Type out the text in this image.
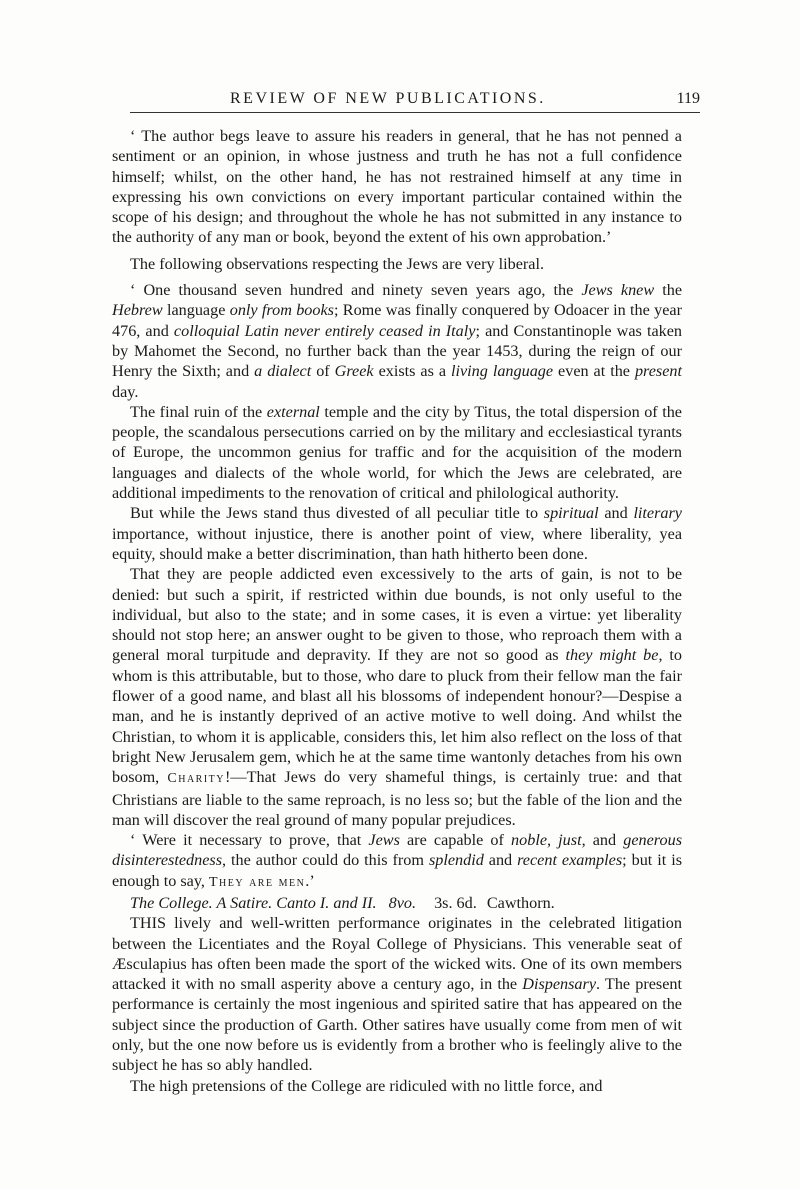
REVIEW OF NEW PUBLICATIONS.	119

‘ The author begs leave to assure his readers in general, that he has not penned a sentiment or an opinion, in whose justness and truth he has not a full confidence himself; whilst, on the other hand, he has not restrained himself at any time in expressing his own convictions on every important particular contained within the scope of his design; and throughout the whole he has not submitted in any instance to the authority of any man or book, beyond the extent of his own approbation.’

The following observations respecting the Jews are very liberal.

‘ One thousand seven hundred and ninety seven years ago, the Jews knew the Hebrew language only from books; Rome was finally conquered by Odoacer in the year 476, and colloquial Latin never entirely ceased in Italy; and Constantinople was taken by Mahomet the Second, no further back than the year 1453, during the reign of our Henry the Sixth; and a dialect of Greek exists as a living language even at the present day.

The final ruin of the external temple and the city by Titus, the total dispersion of the people, the scandalous persecutions carried on by the military and ecclesiastical tyrants of Europe, the uncommon genius for traffic and for the acquisition of the modern languages and dialects of the whole world, for which the Jews are celebrated, are additional impediments to the renovation of critical and philological authority.

But while the Jews stand thus divested of all peculiar title to spiritual and literary importance, without injustice, there is another point of view, where liberality, yea equity, should make a better discrimination, than hath hitherto been done.

That they are people addicted even excessively to the arts of gain, is not to be denied: but such a spirit, if restricted within due bounds, is not only useful to the individual, but also to the state; and in some cases, it is even a virtue: yet liberality should not stop here; an answer ought to be given to those, who reproach them with a general moral turpitude and depravity. If they are not so good as they might be, to whom is this attributable, but to those, who dare to pluck from their fellow man the fair flower of a good name, and blast all his blossoms of independent honour?—Despise a man, and he is instantly deprived of an active motive to well doing. And whilst the Christian, to whom it is applicable, considers this, let him also reflect on the loss of that bright New Jerusalem gem, which he at the same time wantonly detaches from his own bosom, Charity!—That Jews do very shameful things, is certainly true: and that Christians are liable to the same reproach, is no less so; but the fable of the lion and the man will discover the real ground of many popular prejudices.

‘ Were it necessary to prove, that Jews are capable of noble, just, and generous disinterestedness, the author could do this from splendid and recent examples; but it is enough to say, They are men.’

The College. A Satire. Canto I. and II. 8vo. 3s. 6d. Cawthorn.

THIS lively and well-written performance originates in the celebrated litigation between the Licentiates and the Royal College of Physicians. This venerable seat of Æsculapius has often been made the sport of the wicked wits. One of its own members attacked it with no small asperity above a century ago, in the Dispensary. The present performance is certainly the most ingenious and spirited satire that has appeared on the subject since the production of Garth. Other satires have usually come from men of wit only, but the one now before us is evidently from a brother who is feelingly alive to the subject he has so ably handled.

The high pretensions of the College are ridiculed with no little force, and
